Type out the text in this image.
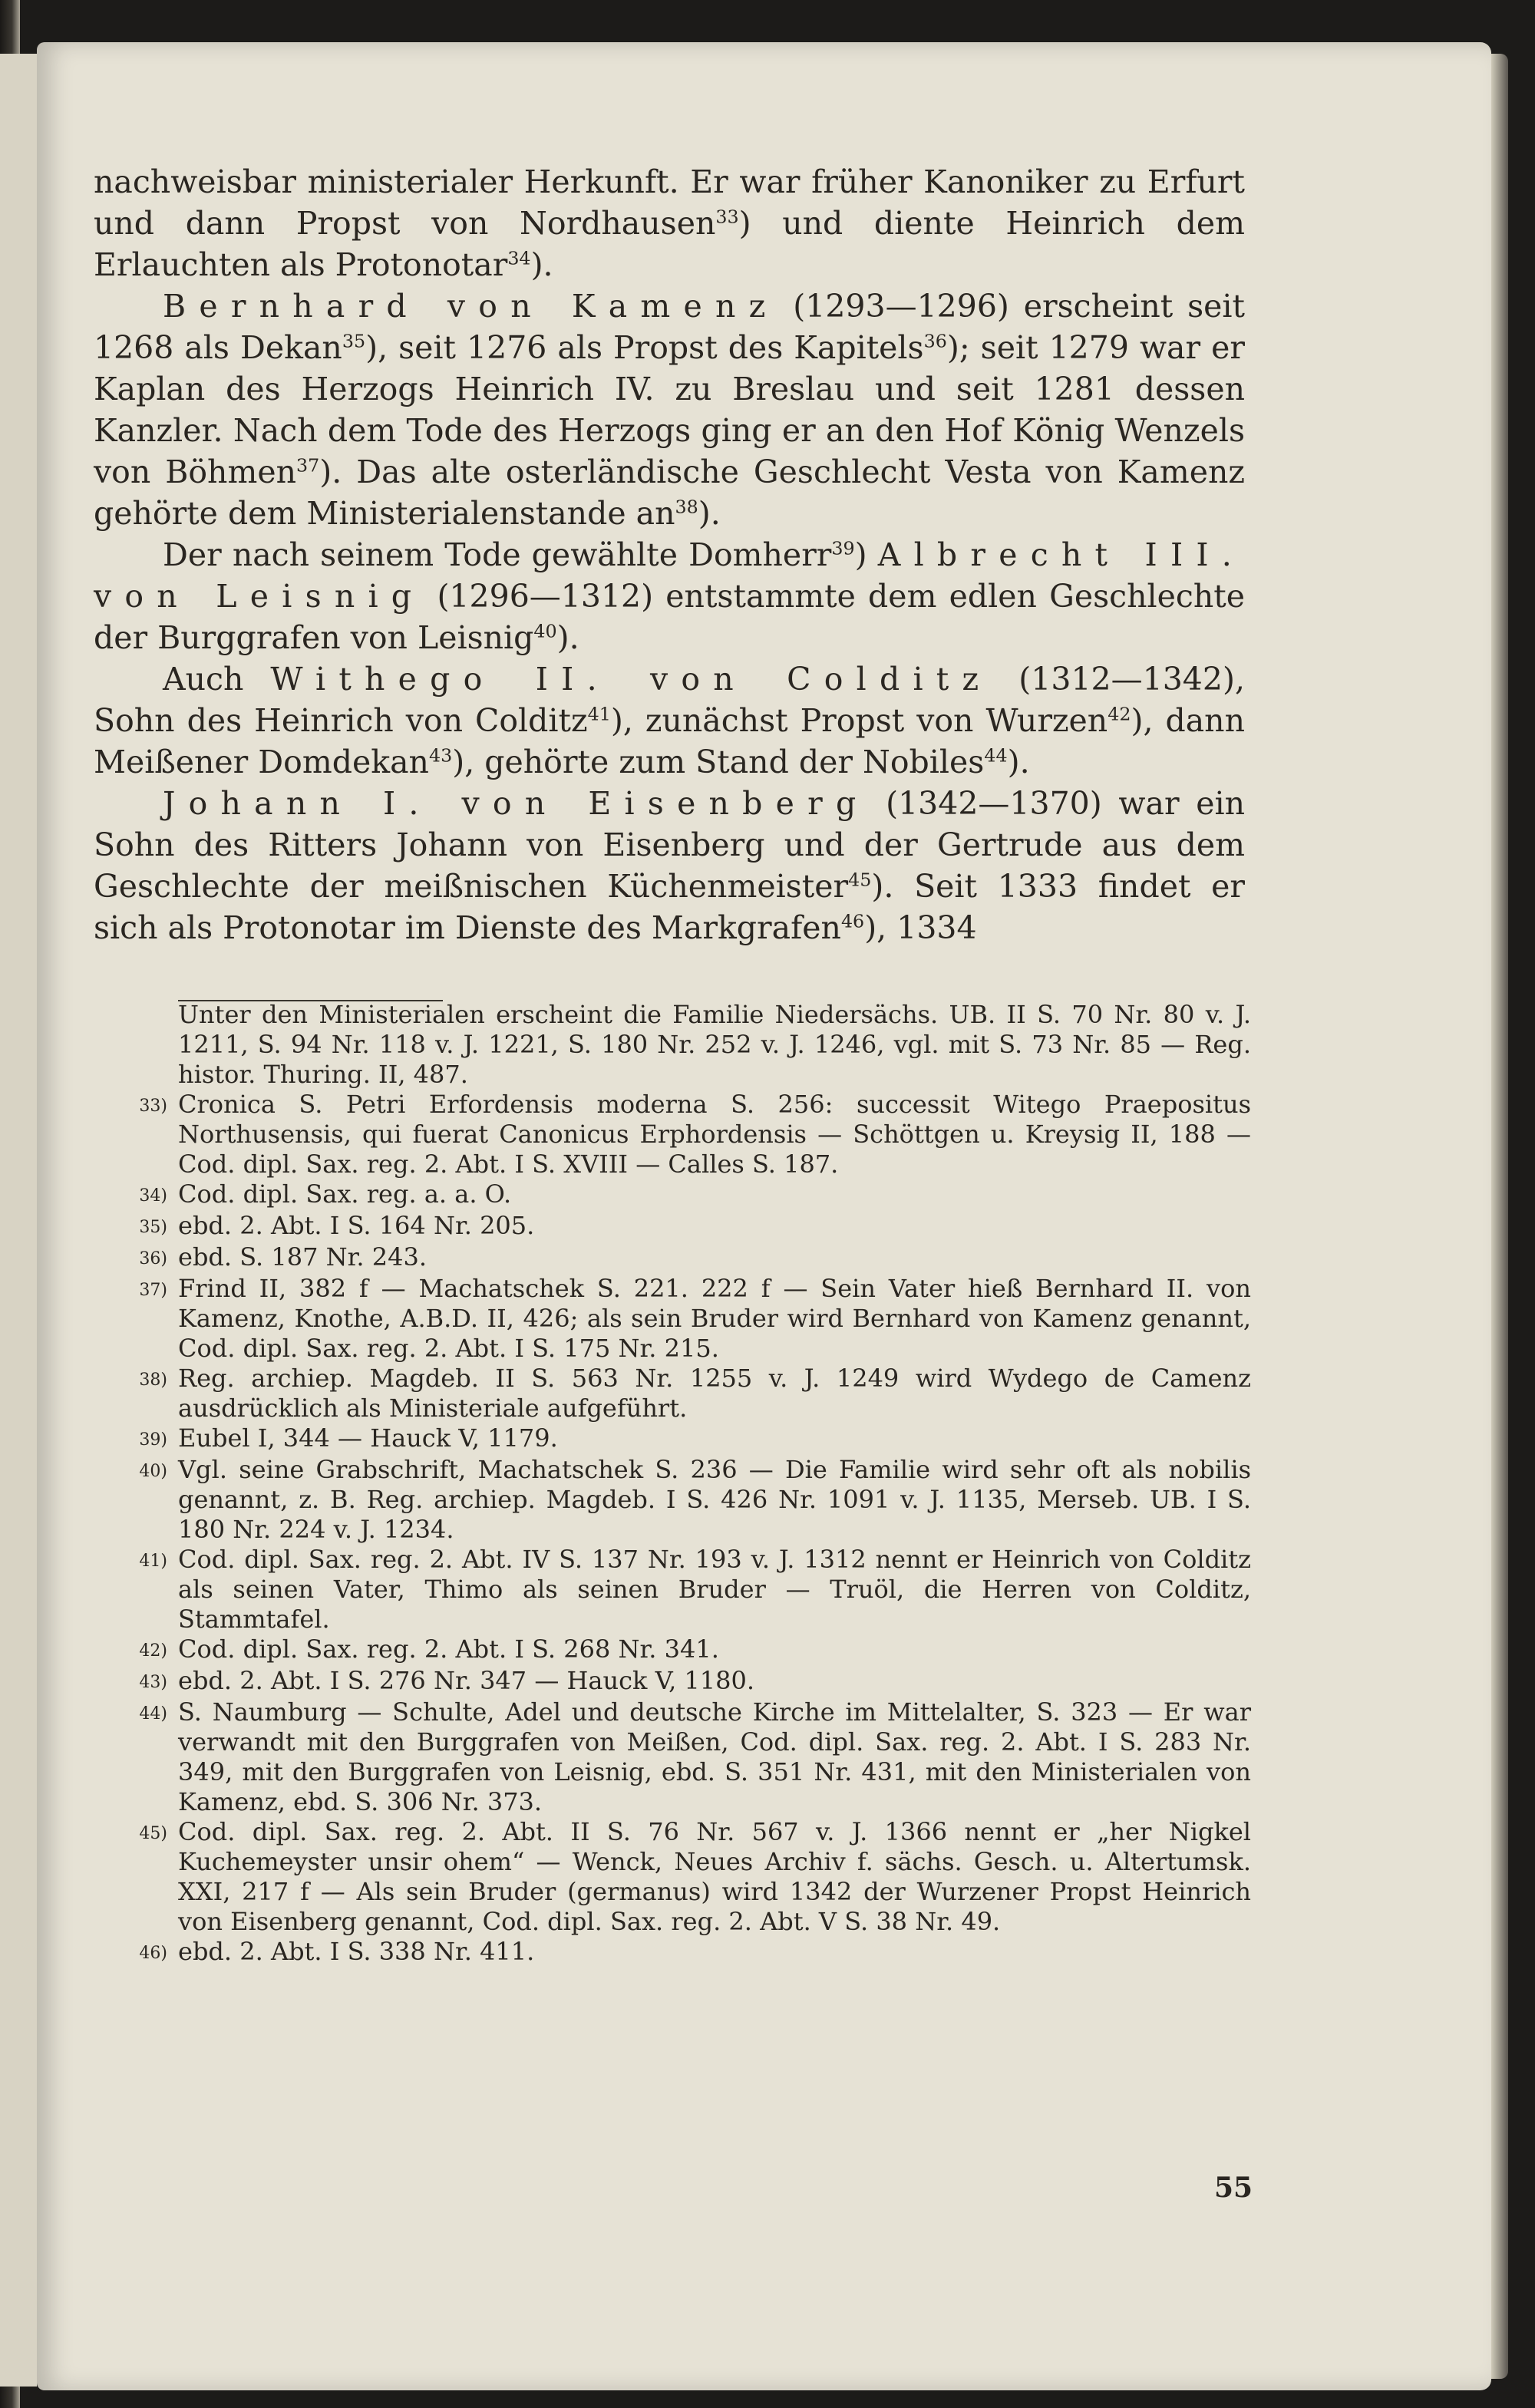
nachweisbar ministerialer Herkunft. Er war früher Kanoniker zu Erfurt und dann Propst von Nordhausen$^{33}$) und diente Heinrich dem Erlauchten als Protonotar$^{34}$).

Bernhard von Kamenz (1293—1296) erscheint seit 1268 als Dekan$^{35}$), seit 1276 als Propst des Kapitels$^{36}$); seit 1279 war er Kaplan des Herzogs Heinrich IV. zu Breslau und seit 1281 dessen Kanzler. Nach dem Tode des Herzogs ging er an den Hof König Wenzels von Böhmen$^{37}$). Das alte osterländische Geschlecht Vesta von Kamenz gehörte dem Ministerialenstande $an^{38}$).

Der nach seinem Tode gewählte Domherr$^{39}$) Albrecht III. von Leisnig (1296—1312) entstammte dem edlen Geschlechte der Burggrafen von Leisnig$^{40}$).

Auch Withego II. von Colditz (1312—1342), Sohn des Heinrich von Colditz$^{41}$), zunächst Propst von Wurzen$^{42}$), dann Meißener Domdekan$^{43}$), gehörte zum Stand der Nobiles$^{44}$).

Johann I. von Eisenberg (1342—1370) war ein Sohn des Ritters Johann von Eisenberg und der Gertrude aus dem Geschlechte der meißnischen Küchenmeister$^{45}$). Seit 1333 findet er sich als Protonotar im Dienste des Markgrafen$^{46}$), 1334

Unter den Ministerialen erscheint die Familie Niedersächs. UB. II S. 70 Nr. 80 v. J. 1211, S. 94 Nr. 118 v. J. 1221, S. 180 Nr. 252 v. J. 1246, vgl. mit S. 73 Nr. 85 — Reg. histor. Thuring. II, 487.
33) Cronica S. Petri Erfordensis moderna S. 256: successit Witego Praepositus Northusensis, qui fuerat Canonicus Erphordensis — Schöttgen u. Kreysig II, 188 — Cod. dipl. Sax. reg. 2. Abt. I S. XVIII — Calles S. 187.
34) Cod. dipl. Sax. reg. a. a. O.
35) ebd. 2. Abt. I S. 164 Nr. 205.
36) ebd. S. 187 Nr. 243.
37) Frind II, 382 f — Machatschek S. 221. 222 f — Sein Vater hieß Bernhard II. von Kamenz, Knothe, A.B.D. II, 426; als sein Bruder wird Bernhard von Kamenz genannt, Cod. dipl. Sax. reg. 2. Abt. I S. 175 Nr. 215.
38) Reg. archiep. Magdeb. II S. 563 Nr. 1255 v. J. 1249 wird Wydego de Camenz ausdrücklich als Ministeriale aufgeführt.
39) Eubel I, 344 — Hauck V, 1179.
40) Vgl. seine Grabschrift, Machatschek S. 236 — Die Familie wird sehr oft als nobilis genannt, z. B. Reg. archiep. Magdeb. I S. 426 Nr. 1091 v. J. 1135, Merseb. UB. I S. 180 Nr. 224 v. J. 1234.
41) Cod. dipl. Sax. reg. 2. Abt. IV S. 137 Nr. 193 v. J. 1312 nennt er Heinrich von Colditz als seinen Vater, Thimo als seinen Bruder — Truöl, die Herren von Colditz, Stammtafel.
42) Cod. dipl. Sax. reg. 2. Abt. I S. 268 Nr. 341.
43) ebd. 2. Abt. I S. 276 Nr. 347 — Hauck V, 1180.
44) S. Naumburg — Schulte, Adel und deutsche Kirche im Mittelalter, S. 323 — Er war verwandt mit den Burggrafen von Meißen, Cod. dipl. Sax. reg. 2. Abt. I S. 283 Nr. 349, mit den Burggrafen von Leisnig, ebd. S. 351 Nr. 431, mit den Ministerialen von Kamenz, ebd. S. 306 Nr. 373.
45) Cod. dipl. Sax. reg. 2. Abt. II S. 76 Nr. 567 v. J. 1366 nennt er „her Nigkel Kuchemeyster unsir ohem“ — Wenck, Neues Archiv f. sächs. Gesch. u. Altertumsk. XXI, 217 f — Als sein Bruder (germanus) wird 1342 der Wurzener Propst Heinrich von Eisenberg genannt, Cod. dipl. Sax. reg. 2. Abt. V S. 38 Nr. 49.
46) ebd. 2. Abt. I S. 338 Nr. 411.
55
